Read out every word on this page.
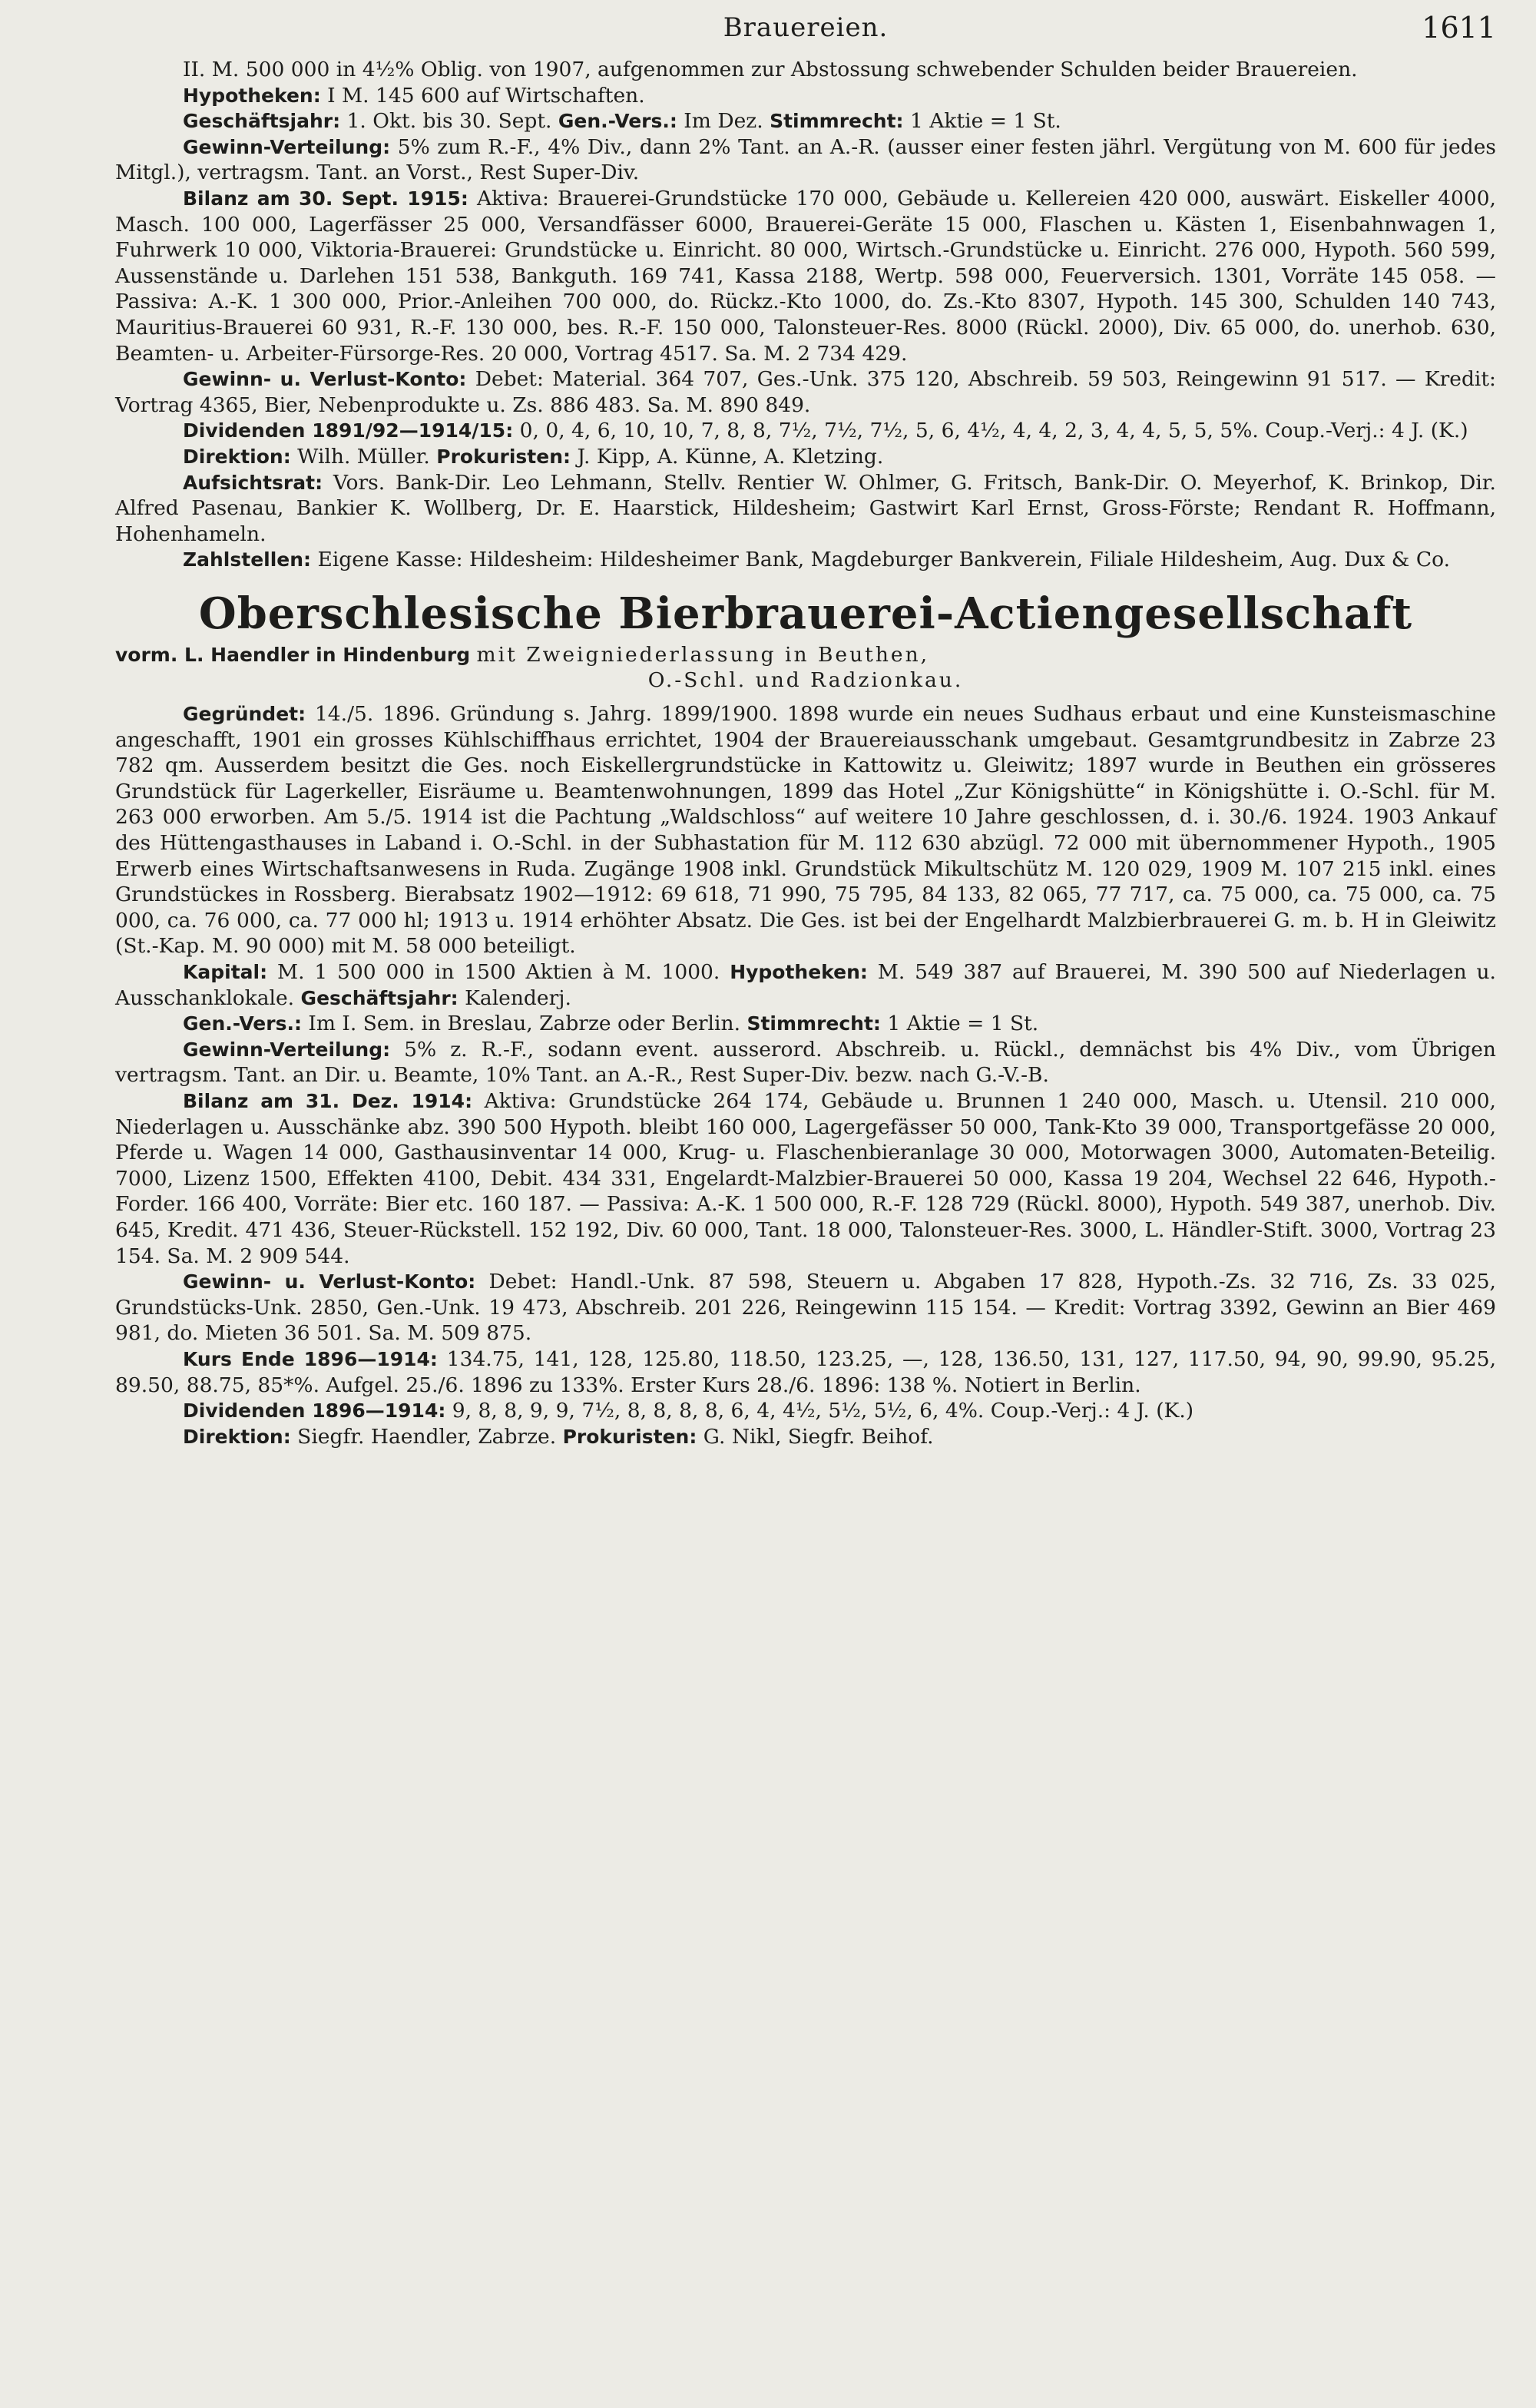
Brauereien.	1611

II. M. 500 000 in 4½% Oblig. von 1907, aufgenommen zur Abstossung schwebender Schulden beider Brauereien.

Hypotheken: I M. 145 600 auf Wirtschaften.

Geschäftsjahr: 1. Okt. bis 30. Sept. Gen.-Vers.: Im Dez. Stimmrecht: 1 Aktie = 1 St.

Gewinn-Verteilung: 5% zum R.-F., 4% Div., dann 2% Tant. an A.-R. (ausser einer festen jährl. Vergütung von M. 600 für jedes Mitgl.), vertragsm. Tant. an Vorst., Rest Super-Div.

Bilanz am 30. Sept. 1915: Aktiva: Brauerei-Grundstücke 170 000, Gebäude u. Kellereien 420 000, auswärt. Eiskeller 4000, Masch. 100 000, Lagerfässer 25 000, Versandfässer 6000, Brauerei-Geräte 15 000, Flaschen u. Kästen 1, Eisenbahnwagen 1, Fuhrwerk 10 000, Viktoria-Brauerei: Grundstücke u. Einricht. 80 000, Wirtsch.-Grundstücke u. Einricht. 276 000, Hypoth. 560 599, Aussenstände u. Darlehen 151 538, Bankguth. 169 741, Kassa 2188, Wertp. 598 000, Feuerversich. 1301, Vorräte 145 058. — Passiva: A.-K. 1 300 000, Prior.-Anleihen 700 000, do. Rückz.-Kto 1000, do. Zs.-Kto 8307, Hypoth. 145 300, Schulden 140 743, Mauritius-Brauerei 60 931, R.-F. 130 000, bes. R.-F. 150 000, Talonsteuer-Res. 8000 (Rückl. 2000), Div. 65 000, do. unerhob. 630, Beamten- u. Arbeiter-Fürsorge-Res. 20 000, Vortrag 4517. Sa. M. 2 734 429.

Gewinn- u. Verlust-Konto: Debet: Material. 364 707, Ges.-Unk. 375 120, Abschreib. 59 503, Reingewinn 91 517. — Kredit: Vortrag 4365, Bier, Nebenprodukte u. Zs. 886 483. Sa. M. 890 849.

Dividenden 1891/92—1914/15: 0, 0, 4, 6, 10, 10, 7, 8, 8, 7½, 7½, 7½, 5, 6, 4½, 4, 4, 2, 3, 4, 4, 5, 5, 5%. Coup.-Verj.: 4 J. (K.)

Direktion: Wilh. Müller. Prokuristen: J. Kipp, A. Künne, A. Kletzing.

Aufsichtsrat: Vors. Bank-Dir. Leo Lehmann, Stellv. Rentier W. Ohlmer, G. Fritsch, Bank-Dir. O. Meyerhof, K. Brinkop, Dir. Alfred Pasenau, Bankier K. Wollberg, Dr. E. Haarstick, Hildesheim; Gastwirt Karl Ernst, Gross-Förste; Rendant R. Hoffmann, Hohenhameln.

Zahlstellen: Eigene Kasse: Hildesheim: Hildesheimer Bank, Magdeburger Bankverein, Filiale Hildesheim, Aug. Dux & Co.

Oberschlesische Bierbrauerei-Actiengesellschaft

vorm. L. Haendler in Hindenburg mit Zweigniederlassung in Beuthen,
O.-Schl. und Radzionkau.

Gegründet: 14./5. 1896. Gründung s. Jahrg. 1899/1900. 1898 wurde ein neues Sudhaus erbaut und eine Kunsteismaschine angeschafft, 1901 ein grosses Kühlschiffhaus errichtet, 1904 der Brauereiausschank umgebaut. Gesamtgrundbesitz in Zabrze 23 782 qm. Ausserdem besitzt die Ges. noch Eiskellergrundstücke in Kattowitz u. Gleiwitz; 1897 wurde in Beuthen ein grösseres Grundstück für Lagerkeller, Eisräume u. Beamtenwohnungen, 1899 das Hotel „Zur Königshütte“ in Königshütte i. O.-Schl. für M. 263 000 erworben. Am 5./5. 1914 ist die Pachtung „Waldschloss“ auf weitere 10 Jahre geschlossen, d. i. 30./6. 1924. 1903 Ankauf des Hüttengasthauses in Laband i. O.-Schl. in der Subhastation für M. 112 630 abzügl. 72 000 mit übernommener Hypoth., 1905 Erwerb eines Wirtschaftsanwesens in Ruda. Zugänge 1908 inkl. Grundstück Mikultschütz M. 120 029, 1909 M. 107 215 inkl. eines Grundstückes in Rossberg. Bierabsatz 1902—1912: 69 618, 71 990, 75 795, 84 133, 82 065, 77 717, ca. 75 000, ca. 75 000, ca. 75 000, ca. 76 000, ca. 77 000 hl; 1913 u. 1914 erhöhter Absatz. Die Ges. ist bei der Engelhardt Malzbierbrauerei G. m. b. H in Gleiwitz (St.-Kap. M. 90 000) mit M. 58 000 beteiligt.

Kapital: M. 1 500 000 in 1500 Aktien à M. 1000. Hypotheken: M. 549 387 auf Brauerei, M. 390 500 auf Niederlagen u. Ausschanklokale. Geschäftsjahr: Kalenderj.

Gen.-Vers.: Im I. Sem. in Breslau, Zabrze oder Berlin. Stimmrecht: 1 Aktie = 1 St.

Gewinn-Verteilung: 5% z. R.-F., sodann event. ausserord. Abschreib. u. Rückl., demnächst bis 4% Div., vom Übrigen vertragsm. Tant. an Dir. u. Beamte, 10% Tant. an A.-R., Rest Super-Div. bezw. nach G.-V.-B.

Bilanz am 31. Dez. 1914: Aktiva: Grundstücke 264 174, Gebäude u. Brunnen 1 240 000, Masch. u. Utensil. 210 000, Niederlagen u. Ausschänke abz. 390 500 Hypoth. bleibt 160 000, Lagergefässer 50 000, Tank-Kto 39 000, Transportgefässe 20 000, Pferde u. Wagen 14 000, Gasthausinventar 14 000, Krug- u. Flaschenbieranlage 30 000, Motorwagen 3000, Automaten-Beteilig. 7000, Lizenz 1500, Effekten 4100, Debit. 434 331, Engelardt-Malzbier-Brauerei 50 000, Kassa 19 204, Wechsel 22 646, Hypoth.-Forder. 166 400, Vorräte: Bier etc. 160 187. — Passiva: A.-K. 1 500 000, R.-F. 128 729 (Rückl. 8000), Hypoth. 549 387, unerhob. Div. 645, Kredit. 471 436, Steuer-Rückstell. 152 192, Div. 60 000, Tant. 18 000, Talonsteuer-Res. 3000, L. Händler-Stift. 3000, Vortrag 23 154. Sa. M. 2 909 544.

Gewinn- u. Verlust-Konto: Debet: Handl.-Unk. 87 598, Steuern u. Abgaben 17 828, Hypoth.-Zs. 32 716, Zs. 33 025, Grundstücks-Unk. 2850, Gen.-Unk. 19 473, Abschreib. 201 226, Reingewinn 115 154. — Kredit: Vortrag 3392, Gewinn an Bier 469 981, do. Mieten 36 501. Sa. M. 509 875.

Kurs Ende 1896—1914: 134.75, 141, 128, 125.80, 118.50, 123.25, —, 128, 136.50, 131, 127, 117.50, 94, 90, 99.90, 95.25, 89.50, 88.75, 85*%. Aufgel. 25./6. 1896 zu 133%. Erster Kurs 28./6. 1896: 138 %. Notiert in Berlin.

Dividenden 1896—1914: 9, 8, 8, 9, 9, 7½, 8, 8, 8, 8, 6, 4, 4½, 5½, 5½, 6, 4%. Coup.-Verj.: 4 J. (K.)

Direktion: Siegfr. Haendler, Zabrze. Prokuristen: G. Nikl, Siegfr. Beihof.
